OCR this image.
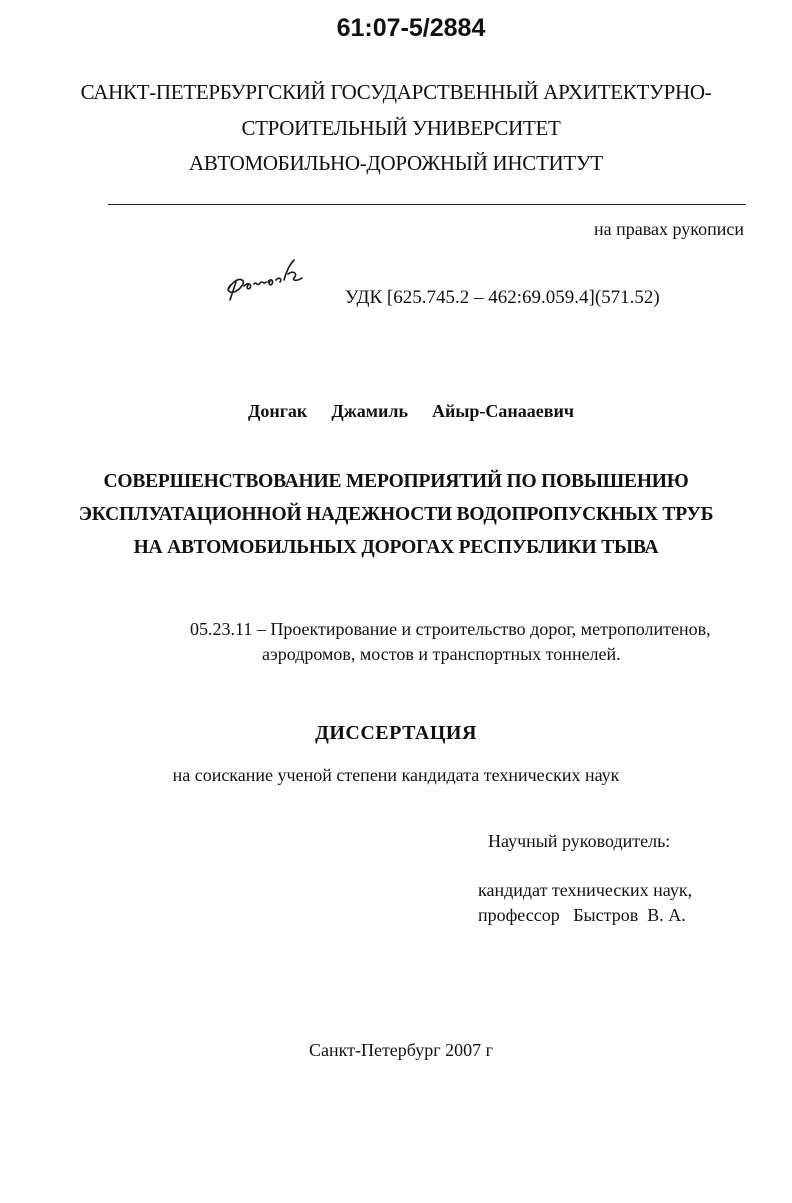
61:07-5/2884
САНКТ-ПЕТЕРБУРГСКИЙ ГОСУДАРСТВЕННЫЙ АРХИТЕКТУРНО-
СТРОИТЕЛЬНЫЙ УНИВЕРСИТЕТ
АВТОМОБИЛЬНО-ДОРОЖНЫЙ ИНСТИТУТ
на правах рукописи
УДК [625.745.2 – 462:69.059.4](571.52)
Донгак Джамиль Айыр-Санааевич
СОВЕРШЕНСТВОВАНИЕ МЕРОПРИЯТИЙ ПО ПОВЫШЕНИЮ
ЭКСПЛУАТАЦИОННОЙ НАДЕЖНОСТИ ВОДОПРОПУСКНЫХ ТРУБ
НА АВТОМОБИЛЬНЫХ ДОРОГАХ РЕСПУБЛИКИ ТЫВА
05.23.11 – Проектирование и строительство дорог, метрополитенов,
аэродромов, мостов и транспортных тоннелей.
ДИССЕРТАЦИЯ
на соискание ученой степени кандидата технических наук
Научный руководитель:
кандидат технических наук,
профессор   Быстров  В. А.
Санкт-Петербург 2007 г
